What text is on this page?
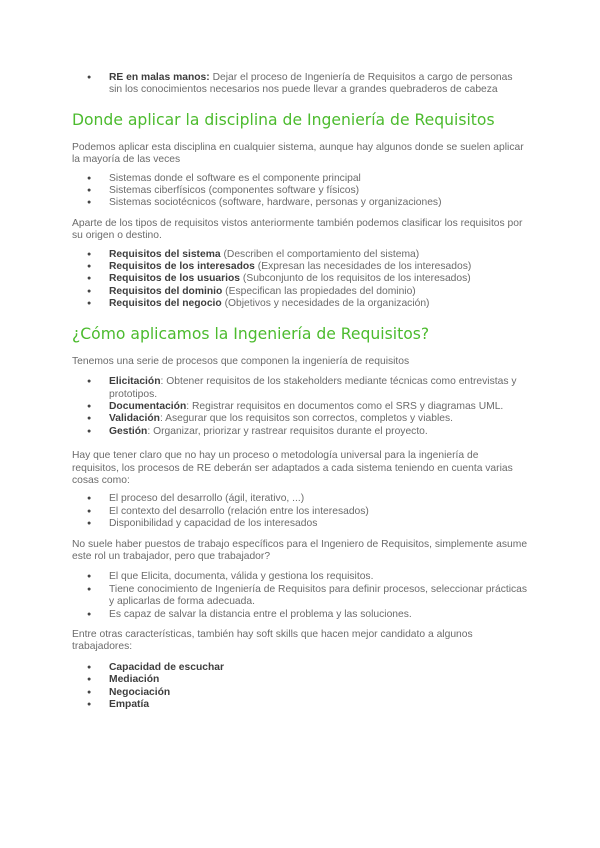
● RE en malas manos: Dejar el proceso de Ingeniería de Requisitos a cargo de personas sin los conocimientos necesarios nos puede llevar a grandes quebraderos de cabeza
Donde aplicar la disciplina de Ingeniería de Requisitos

Podemos aplicar esta disciplina en cualquier sistema, aunque hay algunos donde se suelen aplicar la mayoría de las veces

● Sistemas donde el software es el componente principal
● Sistemas ciberfísicos (componentes software y físicos)
● Sistemas sociotécnicos (software, hardware, personas y organizaciones)

Aparte de los tipos de requisitos vistos anteriormente también podemos clasificar los requisitos por su origen o destino.

● Requisitos del sistema (Describen el comportamiento del sistema)
● Requisitos de los interesados (Expresan las necesidades de los interesados)
● Requisitos de los usuarios (Subconjunto de los requisitos de los interesados)
● Requisitos del dominio (Especifican las propiedades del dominio)
● Requisitos del negocio (Objetivos y necesidades de la organización)
¿Cómo aplicamos la Ingeniería de Requisitos?

Tenemos una serie de procesos que componen la ingeniería de requisitos

● Elicitación: Obtener requisitos de los stakeholders mediante técnicas como entrevistas y prototipos.
● Documentación: Registrar requisitos en documentos como el SRS y diagramas UML.
● Validación: Asegurar que los requisitos son correctos, completos y viables.
● Gestión: Organizar, priorizar y rastrear requisitos durante el proyecto.

Hay que tener claro que no hay un proceso o metodología universal para la ingeniería de requisitos, los procesos de RE deberán ser adaptados a cada sistema teniendo en cuenta varias cosas como:

● El proceso del desarrollo (ágil, iterativo, ...)
● El contexto del desarrollo (relación entre los interesados)
● Disponibilidad y capacidad de los interesados

No suele haber puestos de trabajo específicos para el Ingeniero de Requisitos, simplemente asume este rol un trabajador, pero que trabajador?

● El que Elicita, documenta, válida y gestiona los requisitos.
● Tiene conocimiento de Ingeniería de Requisitos para definir procesos, seleccionar prácticas y aplicarlas de forma adecuada.
● Es capaz de salvar la distancia entre el problema y las soluciones.

Entre otras características, también hay soft skills que hacen mejor candidato a algunos trabajadores:

● Capacidad de escuchar
● Mediación
● Negociación
● Empatía
